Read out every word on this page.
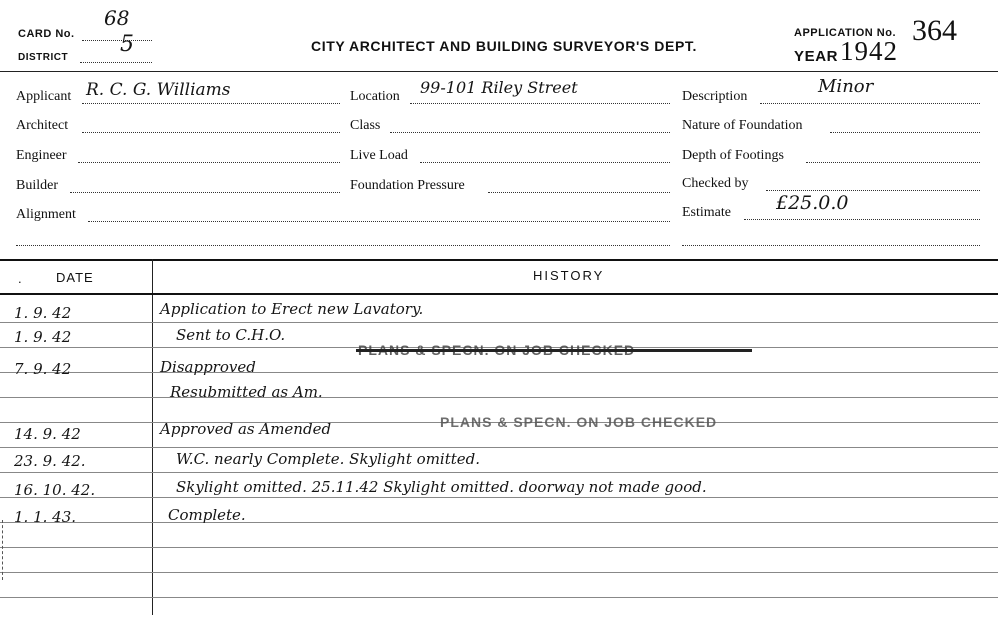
CARD No.
68
DISTRICT
5	CITY ARCHITECT AND BUILDING SURVEYOR'S DEPT.
APPLICATION No. 364
YEAR 1942
Applicant R. C. G. Williams
Architect
Engineer
Builder
Alignment
Location 99-101 Riley Street
Class
Live Load
Foundation Pressure
Description	Minor
Nature of Foundation
Depth of Footings
Checked by
Estimate £25.0.0
.	DATE	HISTORY
1. 9. 42	Application to Erect new Lavatory.
1. 9. 42	Sent to C.H.O.
PLANS & SPECN. ON JOB CHECKED
7. 9. 42	Disapproved
Resubmitted as Am.
14. 9. 42	Approved as Amended	PLANS & SPECN. ON JOB CHECKED
23. 9. 42.	W.C. nearly Complete. Skylight omitted.
16. 10. 42.	Skylight omitted. 25.11.42 Skylight omitted. doorway not made good.
1. 1. 43.	Complete.
